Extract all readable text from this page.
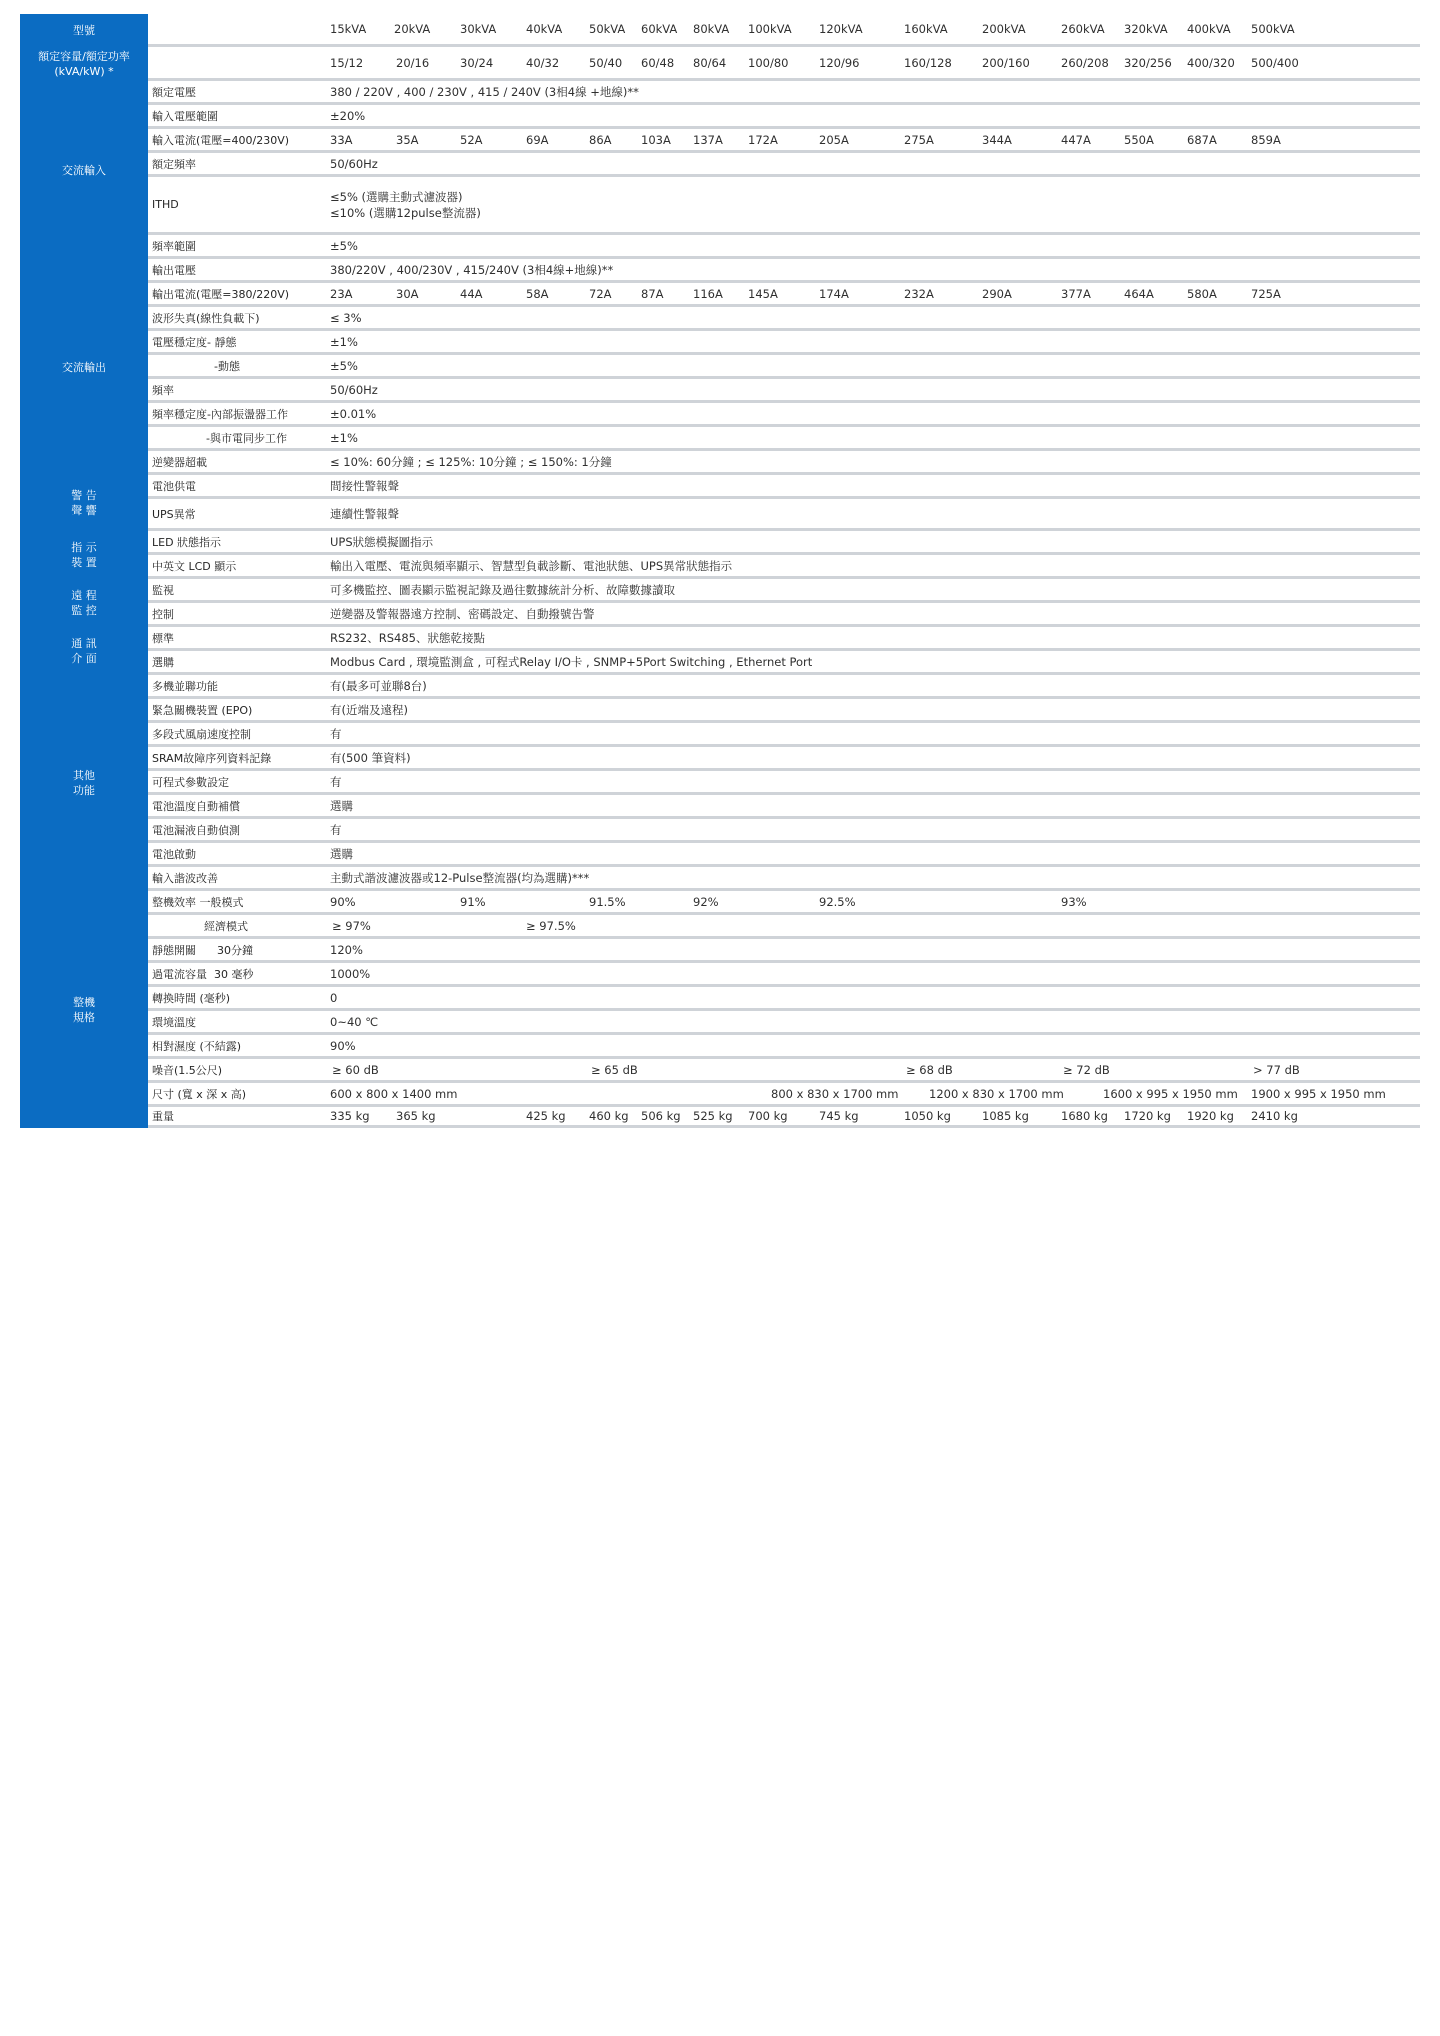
型號	15kVA 20kVA	30kVA	40kVA 50kVA 60kVA 80kVA 100kVA 120kVA	160kVA	200kVA	260kVA 320kVA 400kVA 500kVA
額定容量/額定功率
(kVA/kW) *
15/12	20/16	30/24	40/32	50/40 60/48 80/64 100/80	120/96	160/128	200/160	260/208 320/256 400/320 500/400
交流輸入
額定電壓	380 / 220V , 400 / 230V , 415 / 240V (3相4線 +地線)**
輸入電壓範圍	±20%
輸入電流(電壓=400/230V)	33A	35A	52A	69A	86A	103A 137A 172A	205A	275A	344A	447A	550A	687A	859A
額定頻率	50/60Hz
ITHD
≤5% (選購主動式濾波器)
≤10% (選購12pulse整流器)
頻率範圍	±5%
交流輸出
輸出電壓	380/220V , 400/230V , 415/240V (3相4線+地線)**
輸出電流(電壓=380/220V)	23A	30A	44A	58A	72A	87A	116A 145A	174A	232A	290A	377A	464A	580A	725A
波形失真(線性負載下)	≤ 3%
電壓穩定度- 靜態	±1%
-動態	±5%
頻率	50/60Hz
頻率穩定度-內部振盪器工作	±0.01%
-與市電同步工作	±1%
逆變器超載	≤ 10%: 60分鐘 ; ≤ 125%: 10分鐘 ; ≤ 150%: 1分鐘
警 告
聲 響
電池供電	間接性警報聲
UPS異常	連續性警報聲
指 示
裝 置
LED 狀態指示	UPS狀態模擬圖指示
中英文 LCD 顯示	輸出入電壓、電流與頻率顯示、智慧型負載診斷、電池狀態、UPS異常狀態指示
遠 程
監 控
監視	可多機監控、圖表顯示監視記錄及過往數據統計分析、故障數據讀取
控制	逆變器及警報器遠方控制、密碼設定、自動撥號告警
通 訊
介 面
標準	RS232、RS485、狀態乾接點
選購	Modbus Card , 環境監測盒 , 可程式Relay I/O卡 , SNMP+5Port Switching , Ethernet Port
其他
功能
多機並聯功能	有(最多可並聯8台)
緊急關機裝置 (EPO)	有(近端及遠程)
多段式風扇速度控制	有
SRAM故障序列資料記錄	有(500 筆資料)
可程式參數設定	有
電池溫度自動補償	選購
電池漏液自動偵測	有
電池啟動	選購
輸入諧波改善	主動式諧波濾波器或12-Pulse整流器(均為選購)***
整機
規格
整機效率 一般模式	90%	91%	91.5%	92%	92.5%	93%
經濟模式	≥ 97%	≥ 97.5%
靜態開關      30分鐘	120%
過電流容量  30 毫秒	1000%
轉換時間 (毫秒)	0
環境溫度	0~40 ℃
相對濕度 (不結露)	90%
噪音(1.5公尺)	≥ 60 dB	≥ 65 dB	≥ 68 dB	≥ 72 dB	> 77 dB
尺寸 (寬 x 深 x 高)	600 x 800 x 1400 mm	800 x 830 x 1700 mm	1200 x 830 x 1700 mm	1600 x 995 x 1950 mm 1900 x 995 x 1950 mm
重量	335 kg 365 kg	425 kg 460 kg 506 kg 525 kg 700 kg	745 kg	1050 kg	1085 kg	1680 kg 1720 kg 1920 kg 2410 kg
